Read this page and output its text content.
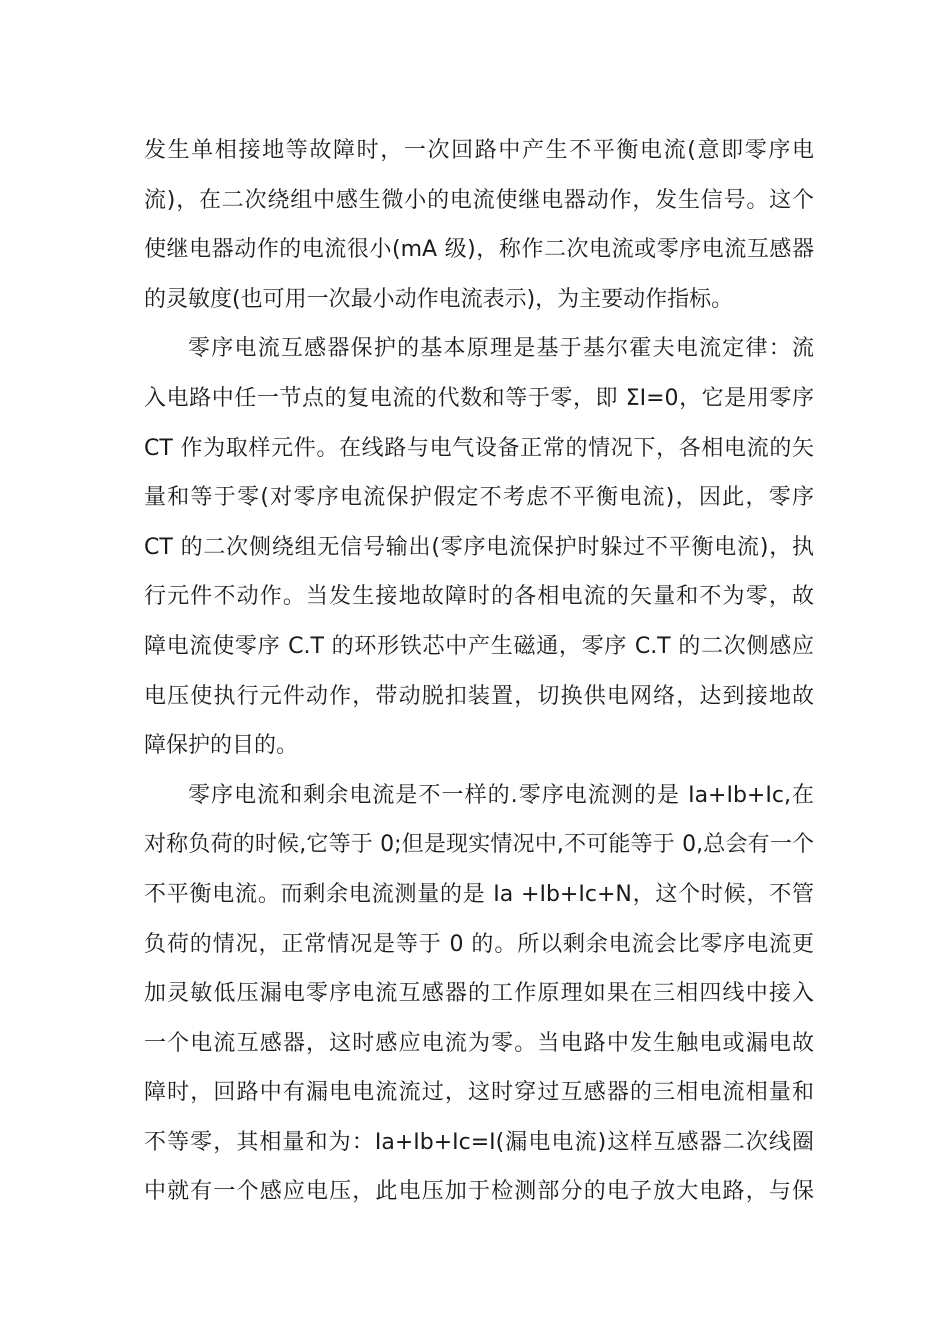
发生单相接地等故障时，一次回路中产生不平衡电流(意即零序电
流)，在二次绕组中感生微小的电流使继电器动作，发生信号。这个
使继电器动作的电流很小(mA 级)，称作二次电流或零序电流互感器
的灵敏度(也可用一次最小动作电流表示)，为主要动作指标。
零序电流互感器保护的基本原理是基于基尔霍夫电流定律：流
入电路中任一节点的复电流的代数和等于零，即 ΣI=0，它是用零序
CT 作为取样元件。在线路与电气设备正常的情况下，各相电流的矢
量和等于零(对零序电流保护假定不考虑不平衡电流)，因此，零序
CT 的二次侧绕组无信号输出(零序电流保护时躲过不平衡电流)，执
行元件不动作。当发生接地故障时的各相电流的矢量和不为零，故
障电流使零序 C.T 的环形铁芯中产生磁通，零序 C.T 的二次侧感应
电压使执行元件动作，带动脱扣装置，切换供电网络，达到接地故
障保护的目的。
零序电流和剩余电流是不一样的.零序电流测的是 Ia+Ib+Ic,在
对称负荷的时候,它等于 0;但是现实情况中,不可能等于 0,总会有一个
不平衡电流。而剩余电流测量的是 Ia +Ib+Ic+N，这个时候，不管
负荷的情况，正常情况是等于 0 的。所以剩余电流会比零序电流更
加灵敏低压漏电零序电流互感器的工作原理如果在三相四线中接入
一个电流互感器，这时感应电流为零。当电路中发生触电或漏电故
障时，回路中有漏电电流流过，这时穿过互感器的三相电流相量和
不等零，其相量和为：Ia+Ib+Ic=I(漏电电流)这样互感器二次线圈
中就有一个感应电压，此电压加于检测部分的电子放大电路，与保
